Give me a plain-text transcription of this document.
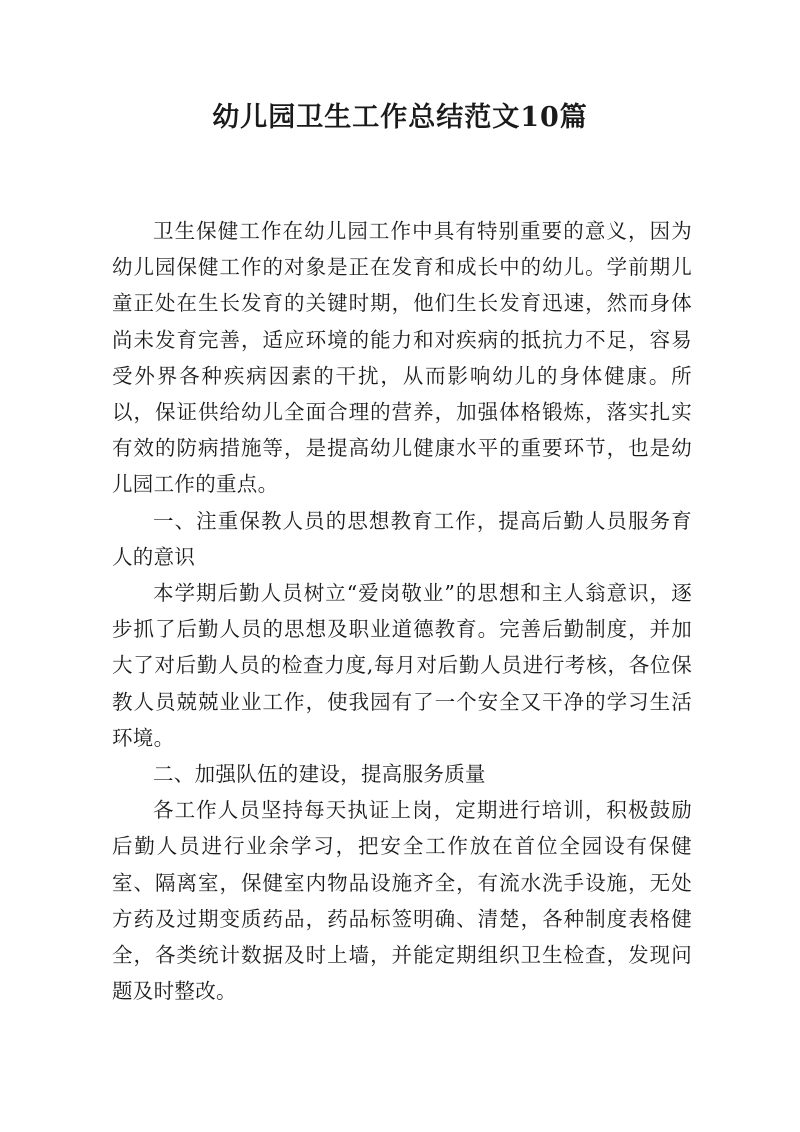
幼儿园卫生工作总结范文10篇

卫生保健工作在幼儿园工作中具有特别重要的意义，因为幼儿园保健工作的对象是正在发育和成长中的幼儿。学前期儿童正处在生长发育的关键时期，他们生长发育迅速，然而身体尚未发育完善，适应环境的能力和对疾病的抵抗力不足，容易受外界各种疾病因素的干扰，从而影响幼儿的身体健康。所以，保证供给幼儿全面合理的营养，加强体格锻炼，落实扎实有效的防病措施等，是提高幼儿健康水平的重要环节，也是幼儿园工作的重点。

一、注重保教人员的思想教育工作，提高后勤人员服务育人的意识

本学期后勤人员树立“爱岗敬业”的思想和主人翁意识，逐步抓了后勤人员的思想及职业道德教育。完善后勤制度，并加大了对后勤人员的检查力度,每月对后勤人员进行考核，各位保教人员兢兢业业工作，使我园有了一个安全又干净的学习生活环境。

二、加强队伍的建设，提高服务质量

各工作人员坚持每天执证上岗，定期进行培训，积极鼓励后勤人员进行业余学习，把安全工作放在首位全园设有保健室、隔离室，保健室内物品设施齐全，有流水洗手设施，无处方药及过期变质药品，药品标签明确、清楚，各种制度表格健全，各类统计数据及时上墙，并能定期组织卫生检查，发现问题及时整改。
